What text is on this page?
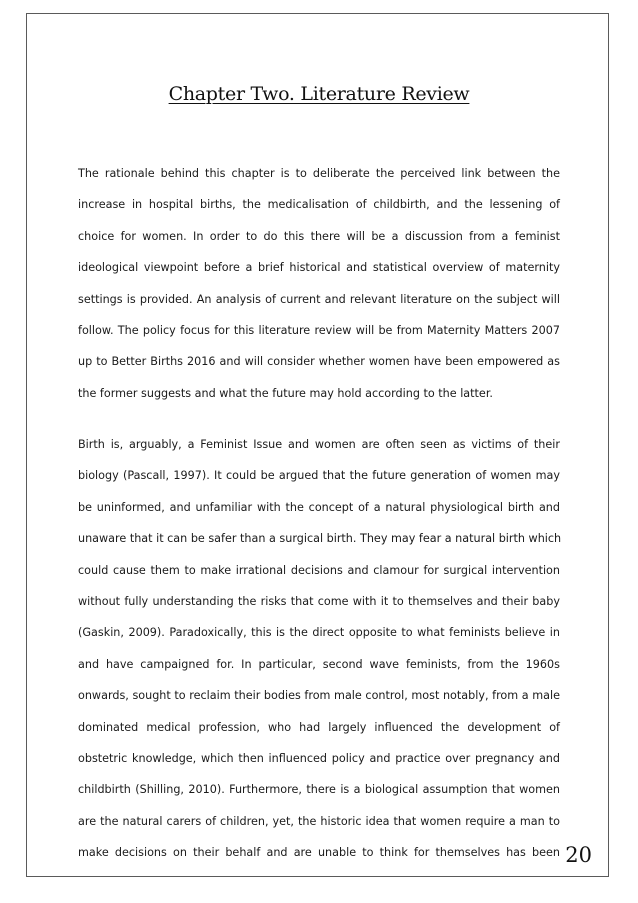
Chapter Two. Literature Review
The rationale behind this chapter is to deliberate the perceived link between the
increase in hospital births, the medicalisation of childbirth, and the lessening of
choice for women. In order to do this there will be a discussion from a feminist
ideological viewpoint before a brief historical and statistical overview of maternity
settings is provided. An analysis of current and relevant literature on the subject will
follow. The policy focus for this literature review will be from Maternity Matters 2007
up to Better Births 2016 and will consider whether women have been empowered as
the former suggests and what the future may hold according to the latter.
Birth is, arguably, a Feminist Issue and women are often seen as victims of their
biology (Pascall, 1997). It could be argued that the future generation of women may
be uninformed, and unfamiliar with the concept of a natural physiological birth and
unaware that it can be safer than a surgical birth. They may fear a natural birth which
could cause them to make irrational decisions and clamour for surgical intervention
without fully understanding the risks that come with it to themselves and their baby
(Gaskin, 2009). Paradoxically, this is the direct opposite to what feminists believe in
and have campaigned for. In particular, second wave feminists, from the 1960s
onwards, sought to reclaim their bodies from male control, most notably, from a male
dominated medical profession, who had largely influenced the development of
obstetric knowledge, which then influenced policy and practice over pregnancy and
childbirth (Shilling, 2010). Furthermore, there is a biological assumption that women
are the natural carers of children, yet, the historic idea that women require a man to
make decisions on their behalf and are unable to think for themselves has been 20
